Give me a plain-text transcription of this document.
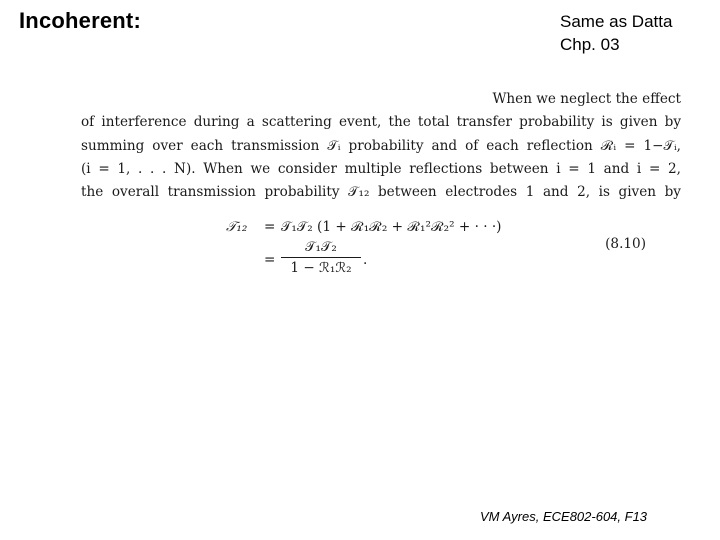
Incoherent:	Same as Datta
Chp. 03
When we neglect the effect
of interference during a scattering event, the total transfer probability is given by
summing over each transmission 𝒯ᵢ probability and of each reflection ℛᵢ = 1−𝒯ᵢ,
(i = 1, . . . N). When we consider multiple reflections between i = 1 and i = 2,
the overall transmission probability 𝒯₁₂ between electrodes 1 and 2, is given by
𝒯₁₂ = 𝒯₁𝒯₂ (1 + ℛ₁ℛ₂ + ℛ₁²ℛ₂² + · · ·)
=
𝒯₁𝒯₂
1 − ℛ₁ℛ₂ .
(8.10)
VM Ayres, ECE802-604, F13
